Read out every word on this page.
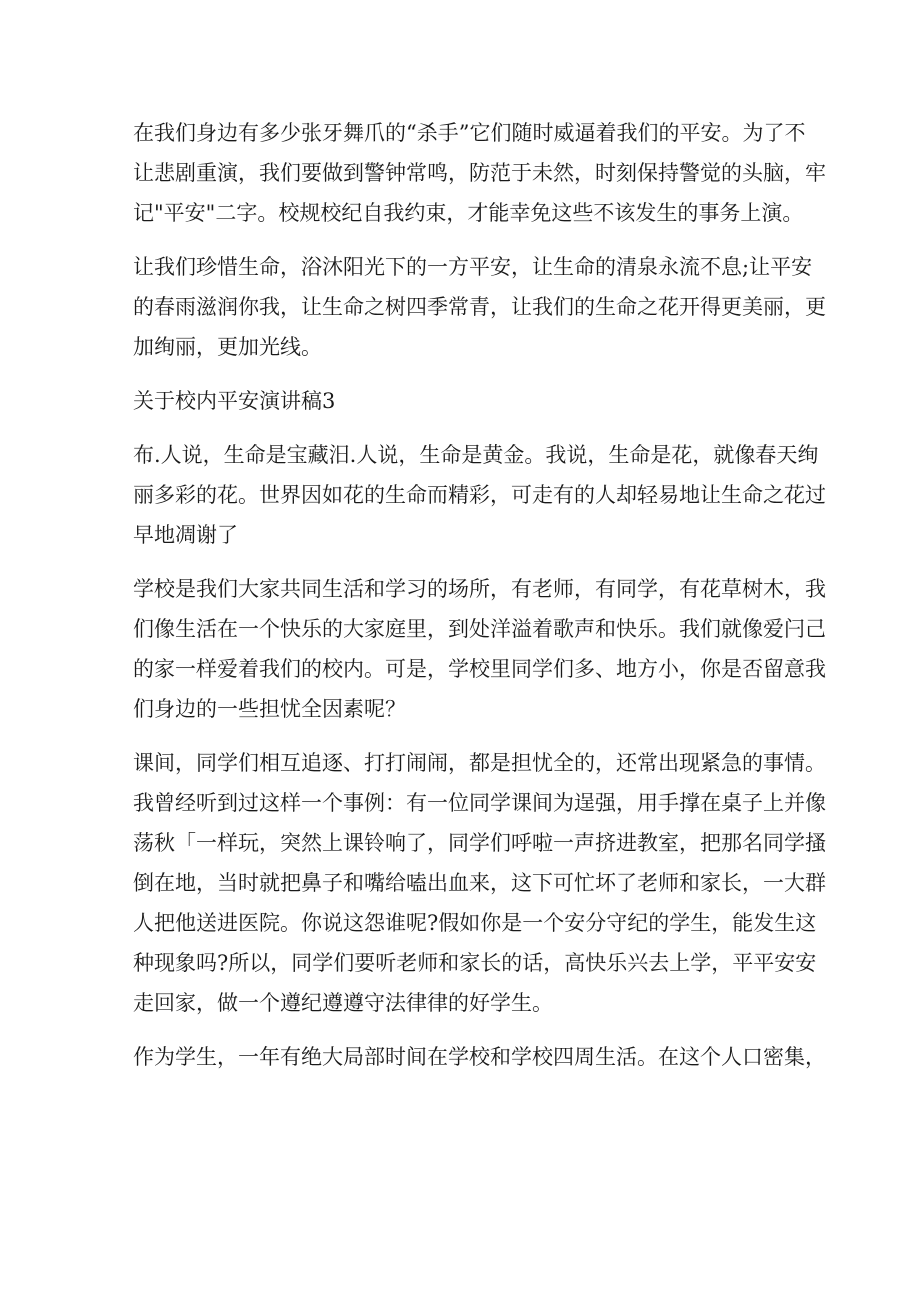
在我们身边有多少张牙舞爪的“杀手”它们随时威逼着我们的平安。为了不
让悲剧重演，我们要做到警钟常鸣，防范于未然，时刻保持警觉的头脑，牢
记"平安"二字。校规校纪自我约束，才能幸免这些不该发生的事务上演。
让我们珍惜生命，浴沐阳光下的一方平安，让生命的清泉永流不息;让平安
的春雨滋润你我，让生命之树四季常青，让我们的生命之花开得更美丽，更
加绚丽，更加光线。
关于校内平安演讲稿3
布.人说，生命是宝藏汨.人说，生命是黄金。我说，生命是花，就像春天绚
丽多彩的花。世界因如花的生命而精彩，可走有的人却轻易地让生命之花过
早地凋谢了
学校是我们大家共同生活和学习的场所，有老师，有同学，有花草树木，我
们像生活在一个快乐的大家庭里，到处洋溢着歌声和快乐。我们就像爱闩己
的家一样爱着我们的校内。可是，学校里同学们多、地方小，你是否留意我
们身边的一些担忧全因素呢？
课间，同学们相互追逐、打打闹闹，都是担忧全的，还常出现紧急的事情。
我曾经听到过这样一个事例：有一位同学课间为逞强，用手撑在桌子上并像
荡秋「一样玩，突然上课铃响了，同学们呼啦一声挤进教室，把那名同学搔
倒在地，当时就把鼻子和嘴给嗑出血来，这下可忙坏了老师和家长，一大群
人把他送进医院。你说这怨谁呢?假如你是一个安分守纪的学生，能发生这
种现象吗?所以，同学们要听老师和家长的话，高快乐兴去上学，平平安安
走回家，做一个遵纪遵遵守法律律的好学生。
作为学生，一年有绝大局部时间在学校和学校四周生活。在这个人口密集，
